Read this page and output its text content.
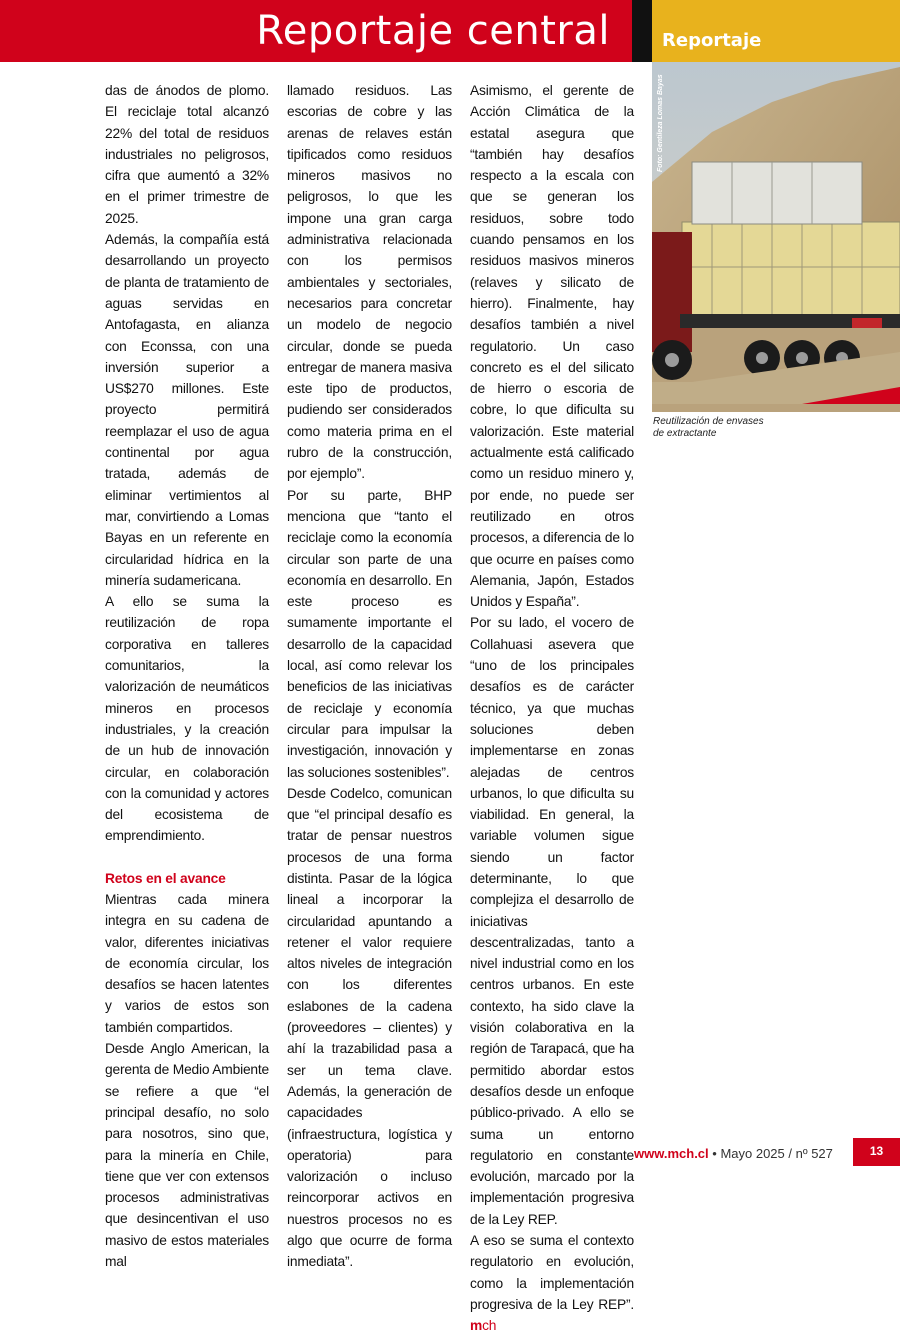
Reportaje central	Reportaje

das de ánodos de plomo. El reciclaje total alcanzó 22% del total de residuos industriales no peligrosos, cifra que aumentó a 32% en el primer trimestre de 2025.

Además, la compañía está desarrollando un proyecto de planta de tratamiento de aguas servidas en Antofagasta, en alianza con Econssa, con una inversión superior a US$270 millones. Este proyecto permitirá reemplazar el uso de agua continental por agua tratada, además de eliminar vertimientos al mar, convirtiendo a Lomas Bayas en un referente en circularidad hídrica en la minería sudamericana.

A ello se suma la reutilización de ropa corporativa en talleres comunitarios, la valorización de neumáticos mineros en procesos industriales, y la creación de un hub de innovación circular, en colaboración con la comunidad y actores del ecosistema de emprendimiento.

Retos en el avance

Mientras cada minera integra en su cadena de valor, diferentes iniciativas de economía circular, los desafíos se hacen latentes y varios de estos son también compartidos.

Desde Anglo American, la gerenta de Medio Ambiente se refiere a que “el principal desafío, no solo para nosotros, sino que, para la minería en Chile, tiene que ver con extensos procesos administrativas que desincentivan el uso masivo de estos materiales mal

llamado residuos. Las escorias de cobre y las arenas de relaves están tipificados como residuos mineros masivos no peligrosos, lo que les impone una gran carga administrativa relacionada con los permisos ambientales y sectoriales, necesarios para concretar un modelo de negocio circular, donde se pueda entregar de manera masiva este tipo de productos, pudiendo ser considerados como materia prima en el rubro de la construcción, por ejemplo”.

Por su parte, BHP menciona que “tanto el reciclaje como la economía circular son parte de una economía en desarrollo. En este proceso es sumamente importante el desarrollo de la capacidad local, así como relevar los beneficios de las iniciativas de reciclaje y economía circular para impulsar la investigación, innovación y las soluciones sostenibles”.

Desde Codelco, comunican que “el principal desafío es tratar de pensar nuestros procesos de una forma distinta. Pasar de la lógica lineal a incorporar la circularidad apuntando a retener el valor requiere altos niveles de integración con los diferentes eslabones de la cadena (proveedores – clientes) y ahí la trazabilidad pasa a ser un tema clave. Además, la generación de capacidades (infraestructura, logística y operatoria) para valorización o incluso reincorporar activos en nuestros procesos no es algo que ocurre de forma inmediata”.

Asimismo, el gerente de Acción Climática de la estatal asegura que “también hay desafíos respecto a la escala con que se generan los residuos, sobre todo cuando pensamos en los residuos masivos mineros (relaves y silicato de hierro). Finalmente, hay desafíos también a nivel regulatorio. Un caso concreto es el del silicato de hierro o escoria de cobre, lo que dificulta su valorización. Este material actualmente está calificado como un residuo minero y, por ende, no puede ser reutilizado en otros procesos, a diferencia de lo que ocurre en países como Alemania, Japón, Estados Unidos y España”.

Por su lado, el vocero de Collahuasi asevera que “uno de los principales desafíos es de carácter técnico, ya que muchas soluciones deben implementarse en zonas alejadas de centros urbanos, lo que dificulta su viabilidad. En general, la variable volumen sigue siendo un factor determinante, lo que complejiza el desarrollo de iniciativas descentralizadas, tanto a nivel industrial como en los centros urbanos. En este contexto, ha sido clave la visión colaborativa en la región de Tarapacá, que ha permitido abordar estos desafíos desde un enfoque público-privado. A ello se suma un entorno regulatorio en constante evolución, marcado por la implementación progresiva de la Ley REP.

A eso se suma el contexto regulatorio en evolución, como la implementación progresiva de la Ley REP”. mch

Foto: Gentileza Lomas Bayas
Reutilización de envases de extractante
www.mch.cl • Mayo 2025 / nº 527	13
